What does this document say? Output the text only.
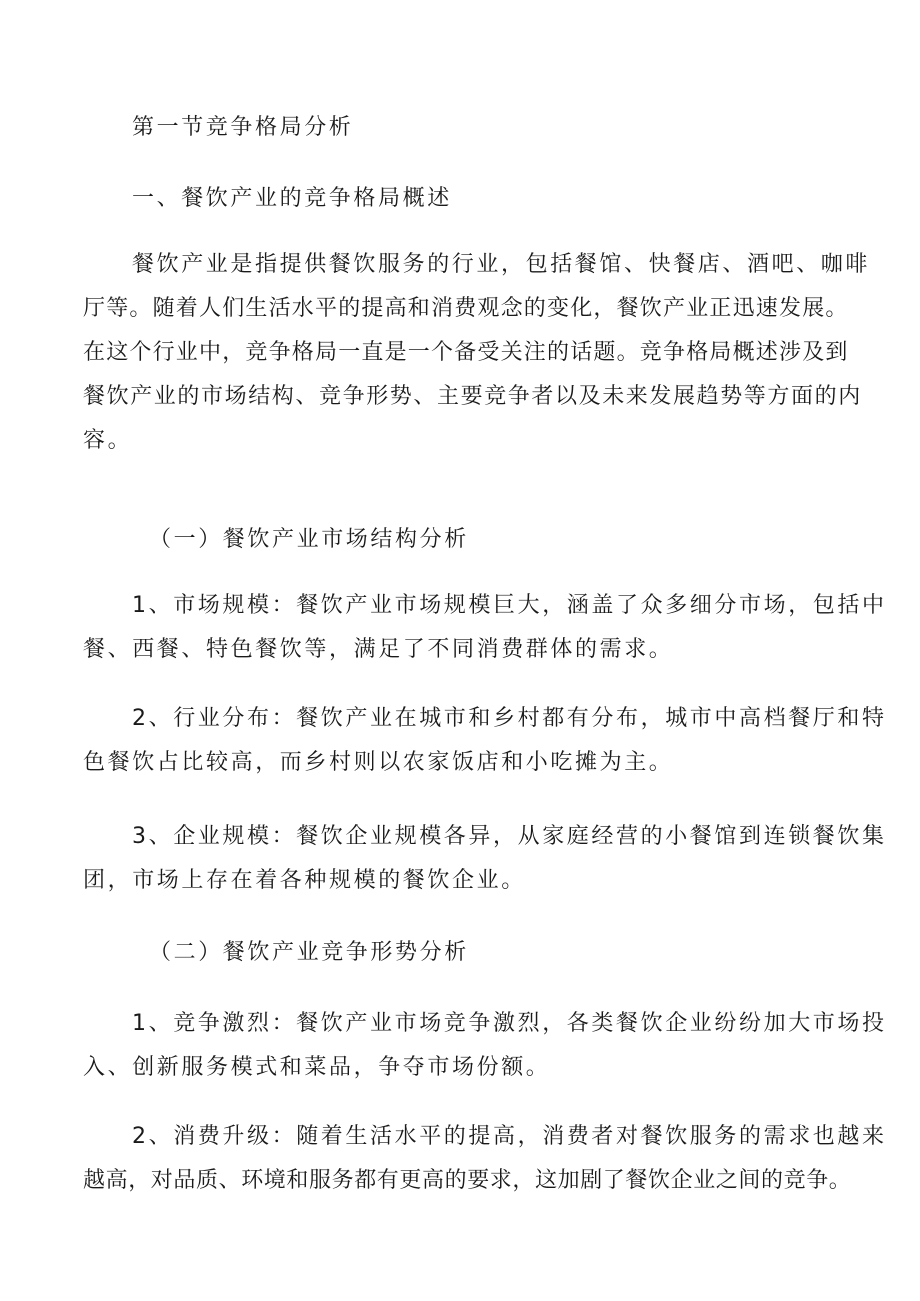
第一节竞争格局分析

一、餐饮产业的竞争格局概述

餐饮产业是指提供餐饮服务的行业，包括餐馆、快餐店、酒吧、咖啡
厅等。随着人们生活水平的提高和消费观念的变化，餐饮产业正迅速发展。
在这个行业中，竞争格局一直是一个备受关注的话题。竞争格局概述涉及到
餐饮产业的市场结构、竞争形势、主要竞争者以及未来发展趋势等方面的内
容。

（一）餐饮产业市场结构分析

1、市场规模：餐饮产业市场规模巨大，涵盖了众多细分市场，包括中
餐、西餐、特色餐饮等，满足了不同消费群体的需求。

2、行业分布：餐饮产业在城市和乡村都有分布，城市中高档餐厅和特
色餐饮占比较高，而乡村则以农家饭店和小吃摊为主。

3、企业规模：餐饮企业规模各异，从家庭经营的小餐馆到连锁餐饮集
团，市场上存在着各种规模的餐饮企业。

（二）餐饮产业竞争形势分析

1、竞争激烈：餐饮产业市场竞争激烈，各类餐饮企业纷纷加大市场投
入、创新服务模式和菜品，争夺市场份额。

2、消费升级：随着生活水平的提高，消费者对餐饮服务的需求也越来
越高，对品质、环境和服务都有更高的要求，这加剧了餐饮企业之间的竞争。
